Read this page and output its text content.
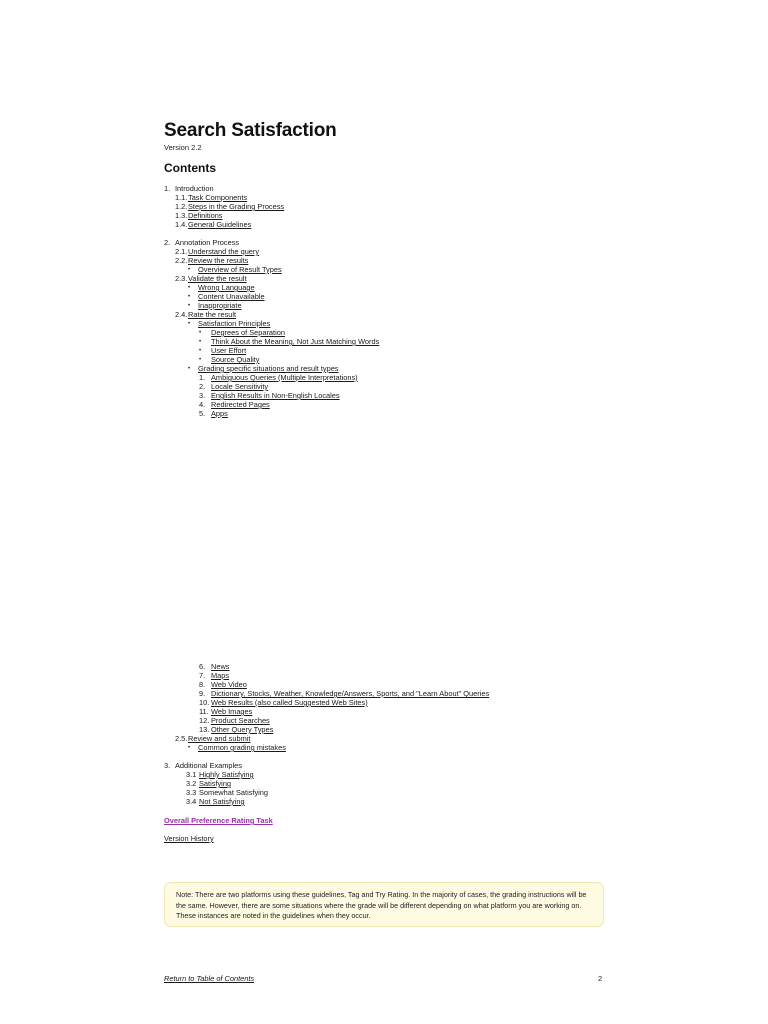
Search Satisfaction
Version 2.2
Contents
1. Introduction
1.1. Task Components
1.2. Steps in the Grading Process
1.3. Definitions
1.4. General Guidelines
2. Annotation Process
2.1. Understand the query
2.2. Review the results
• Overview of Result Types
2.3. Validate the result
• Wrong Language
• Content Unavailable
• Inappropriate
2.4. Rate the result
• Satisfaction Principles
• Degrees of Separation
• Think About the Meaning, Not Just Matching Words
• User Effort
• Source Quality
• Grading specific situations and result types
1. Ambiguous Queries (Multiple Interpretations)
2. Locale Sensitivity
3. English Results in Non-English Locales
4. Redirected Pages
5. Apps
6. News
7. Maps
8. Web Video
9. Dictionary, Stocks, Weather, Knowledge/Answers, Sports, and "Learn About" Queries
10. Web Results (also called Suggested Web Sites)
11. Web Images
12. Product Searches
13. Other Query Types
2.5. Review and submit
• Common grading mistakes
3. Additional Examples
3.1 Highly Satisfying
3.2 Satisfying
3.3 Somewhat Satisfying
3.4 Not Satisfying
Overall Preference Rating Task
Version History
Note: There are two platforms using these guidelines, Tag and Try Rating. In the majority of cases, the grading instructions will be the same. However, there are some situations where the grade will be different depending on what platform you are working on. These instances are noted in the guidelines when they occur.
Return to Table of Contents	2
